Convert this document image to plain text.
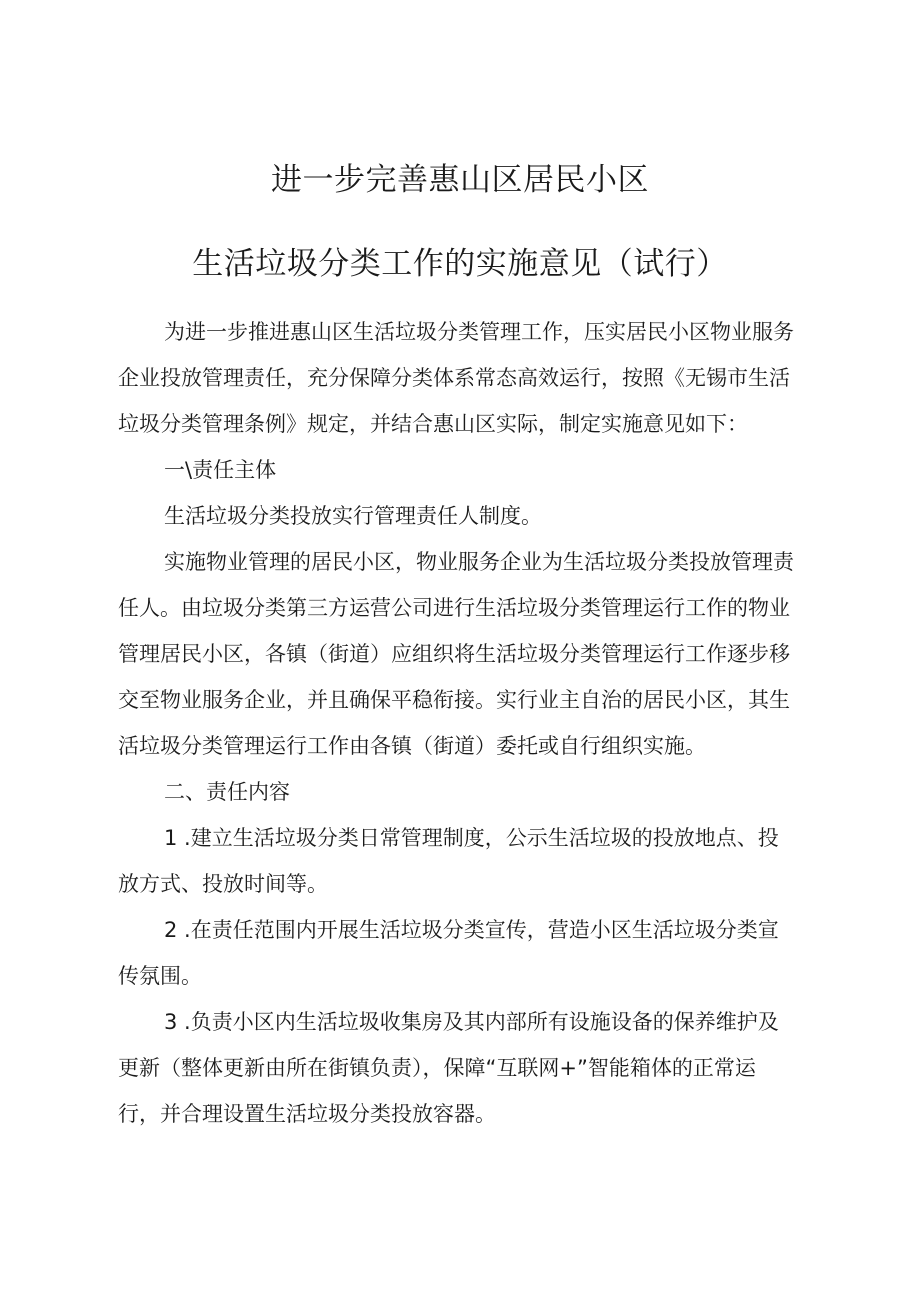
进一步完善惠山区居民小区
生活垃圾分类工作的实施意见（试行）
为进一步推进惠山区生活垃圾分类管理工作，压实居民小区物业服务
企业投放管理责任，充分保障分类体系常态高效运行，按照《无锡市生活
垃圾分类管理条例》规定，并结合惠山区实际，制定实施意见如下：
一\责任主体
生活垃圾分类投放实行管理责任人制度。
实施物业管理的居民小区，物业服务企业为生活垃圾分类投放管理责
任人。由垃圾分类第三方运营公司进行生活垃圾分类管理运行工作的物业
管理居民小区，各镇（街道）应组织将生活垃圾分类管理运行工作逐步移
交至物业服务企业，并且确保平稳衔接。实行业主自治的居民小区，其生
活垃圾分类管理运行工作由各镇（街道）委托或自行组织实施。
二、责任内容
1 .建立生活垃圾分类日常管理制度，公示生活垃圾的投放地点、投
放方式、投放时间等。
2 .在责任范围内开展生活垃圾分类宣传，营造小区生活垃圾分类宣
传氛围。
3 .负责小区内生活垃圾收集房及其内部所有设施设备的保养维护及
更新（整体更新由所在街镇负责），保障“互联网+”智能箱体的正常运
行，并合理设置生活垃圾分类投放容器。
